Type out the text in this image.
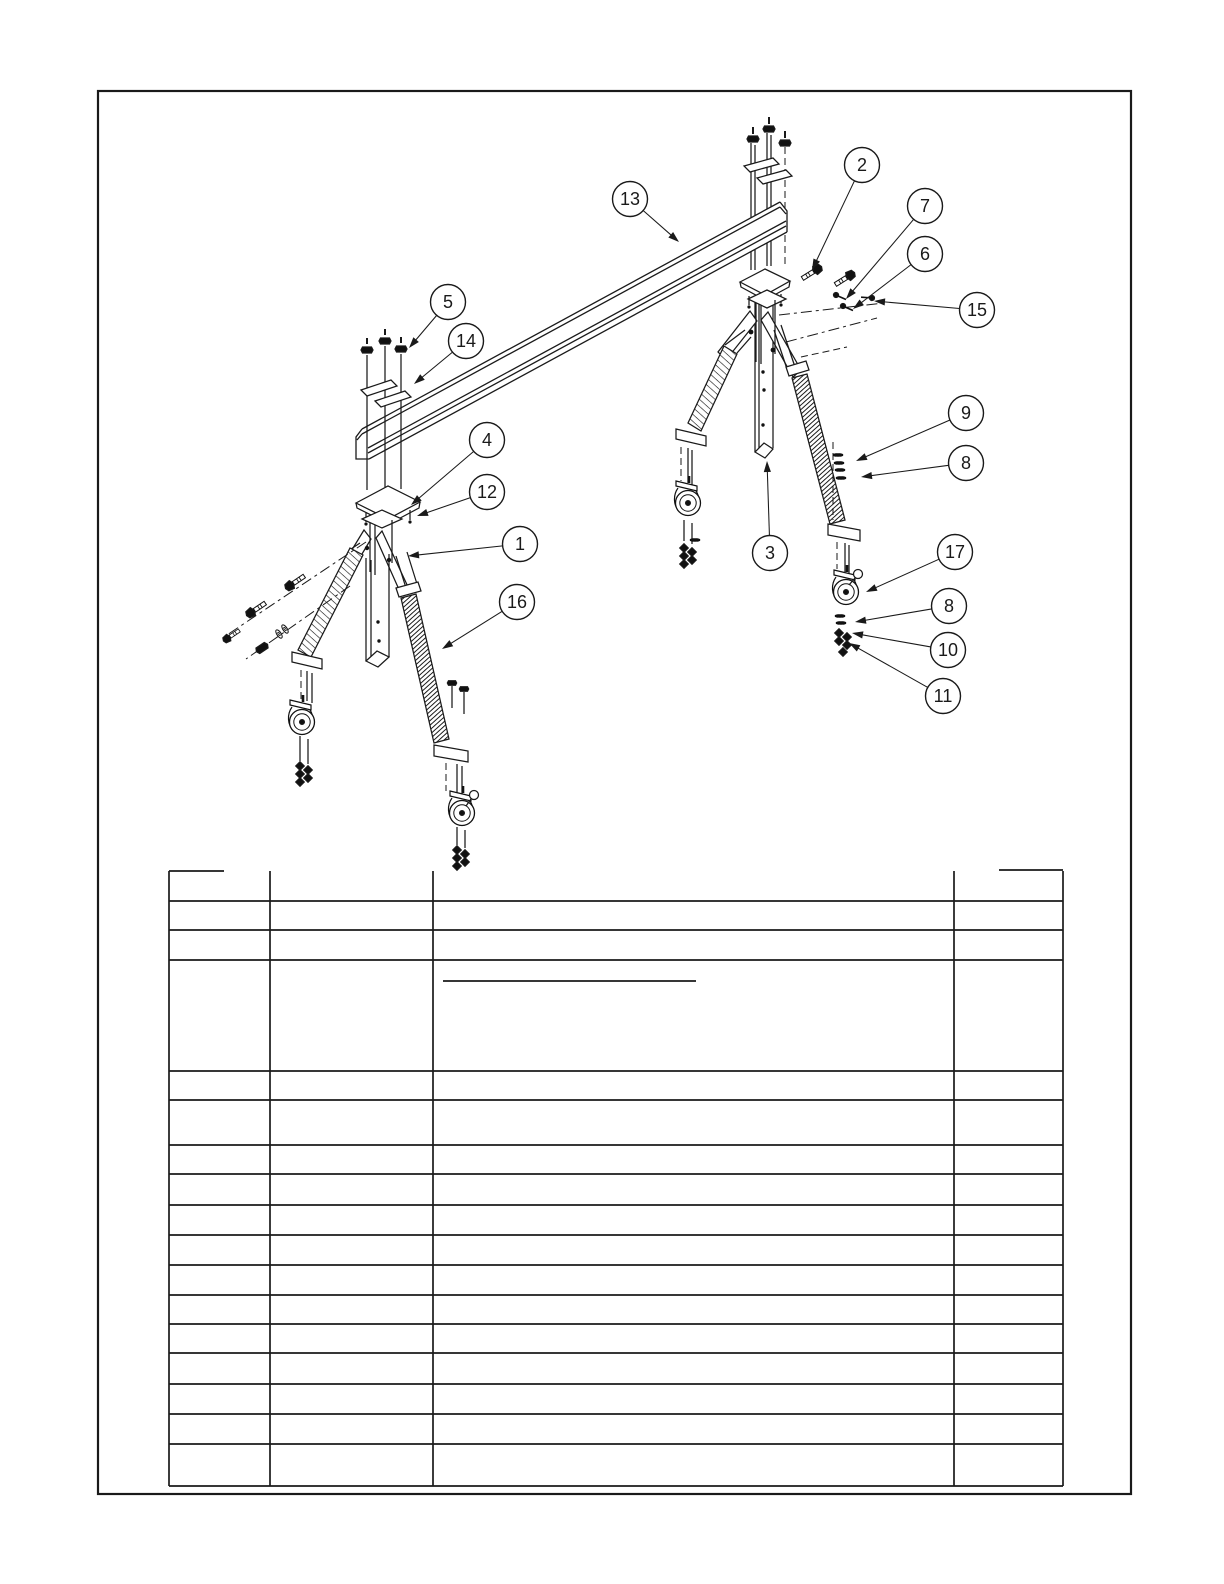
1
2
3
4
5
6
7
8
8
9
10
11
12
13
14
15
16
17
